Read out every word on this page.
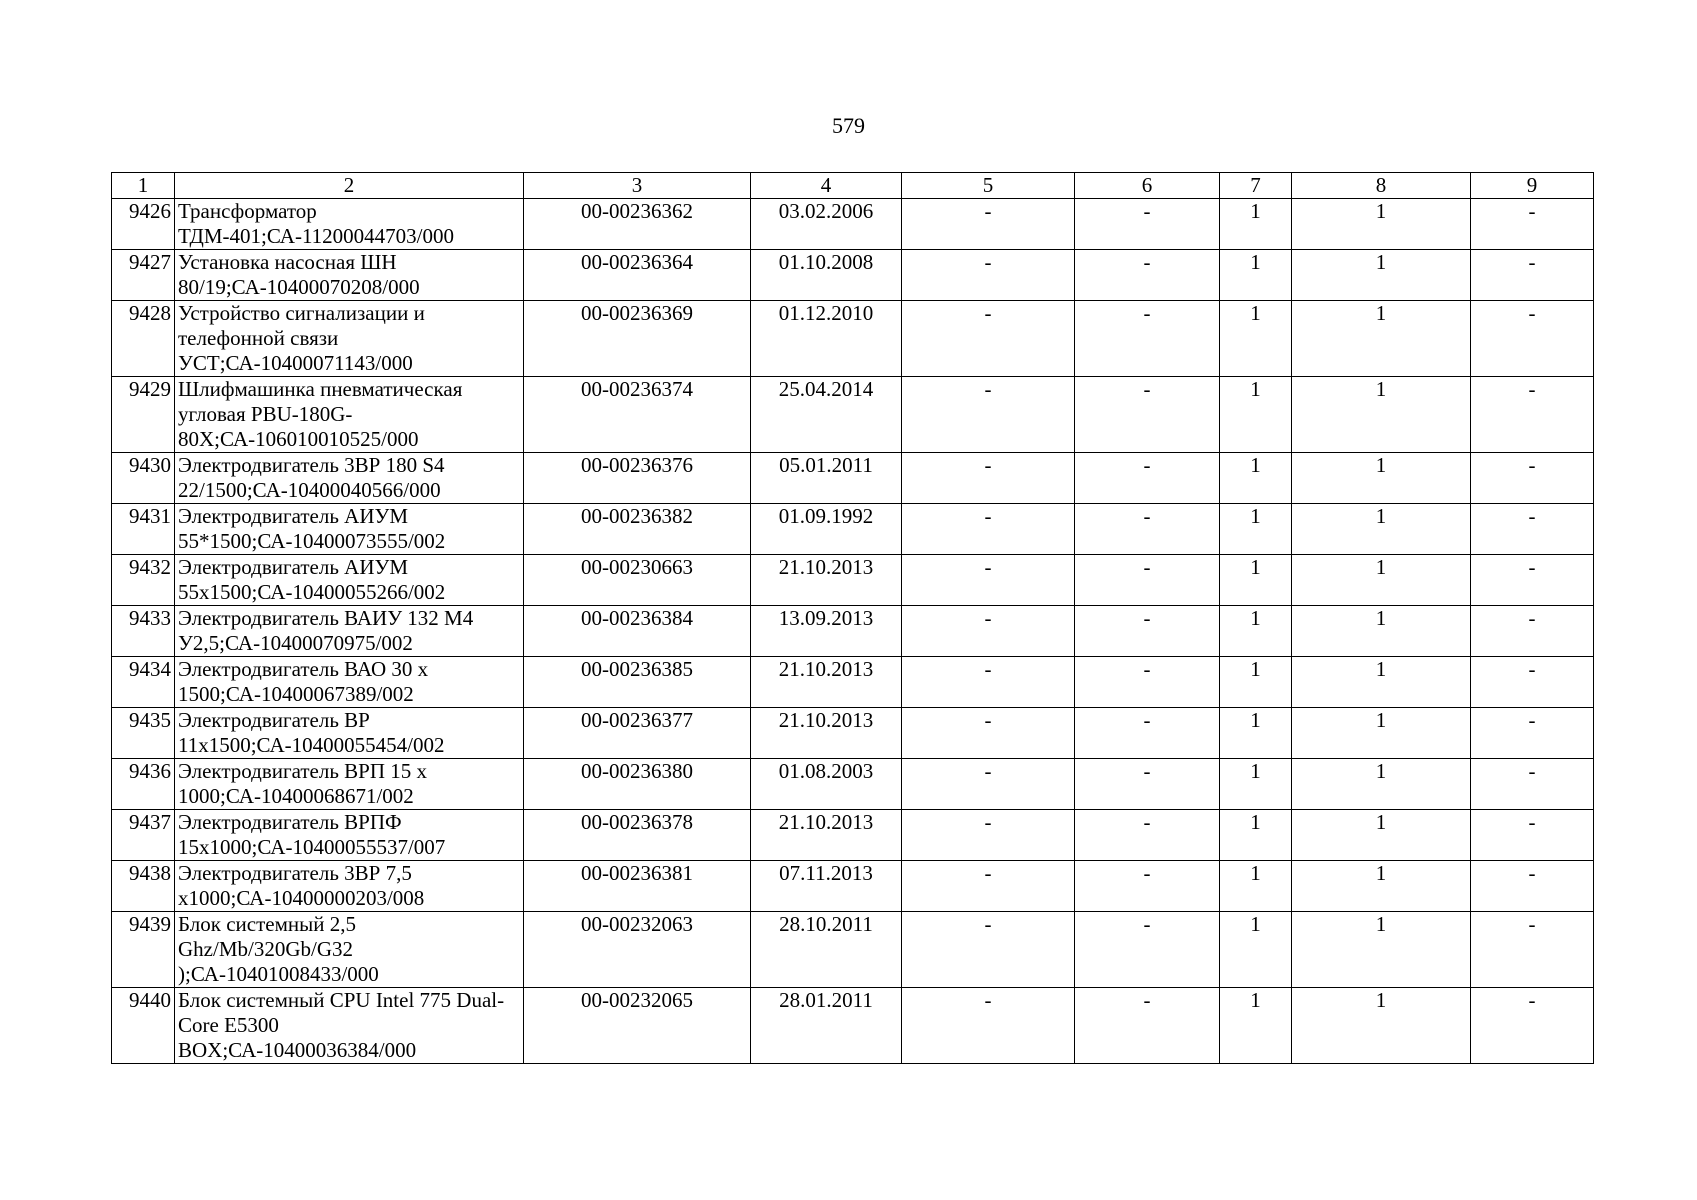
579
1	2	3	4	5	6	7	8	9
9426	Трансформатор ТДМ-401;СА-11200044703/000	00-00236362	03.02.2006	-	-	1	1	-
9427	Установка насосная ШН 80/19;СА-10400070208/000	00-00236364	01.10.2008	-	-	1	1	-
9428	Устройство сигнализации и телефонной связи УСТ;СА-10400071143/000	00-00236369	01.12.2010	-	-	1	1	-
9429	Шлифмашинка пневматическая угловая PBU-180G-80X;СА-106010010525/000	00-00236374	25.04.2014	-	-	1	1	-
9430	Электродвигатель 3ВР 180 S4 22/1500;СА-10400040566/000	00-00236376	05.01.2011	-	-	1	1	-
9431	Электродвигатель АИУМ 55*1500;СА-10400073555/002	00-00236382	01.09.1992	-	-	1	1	-
9432	Электродвигатель АИУМ 55х1500;СА-10400055266/002	00-00230663	21.10.2013	-	-	1	1	-
9433	Электродвигатель ВАИУ 132 М4 У2,5;СА-10400070975/002	00-00236384	13.09.2013	-	-	1	1	-
9434	Электродвигатель ВАО 30 х 1500;СА-10400067389/002	00-00236385	21.10.2013	-	-	1	1	-
9435	Электродвигатель ВР 11х1500;СА-10400055454/002	00-00236377	21.10.2013	-	-	1	1	-
9436	Электродвигатель ВРП 15 х 1000;СА-10400068671/002	00-00236380	01.08.2003	-	-	1	1	-
9437	Электродвигатель ВРПФ 15х1000;СА-10400055537/007	00-00236378	21.10.2013	-	-	1	1	-
9438	Электродвигатель 3ВР 7,5 х1000;СА-10400000203/008	00-00236381	07.11.2013	-	-	1	1	-
9439	Блок системный 2,5 Ghz/Mb/320Gb/G32 );СА-10401008433/000	00-00232063	28.10.2011	-	-	1	1	-
9440	Блок системный CPU Intel 775 Dual-Core E5300 BOX;СА-10400036384/000	00-00232065	28.01.2011	-	-	1	1	-
